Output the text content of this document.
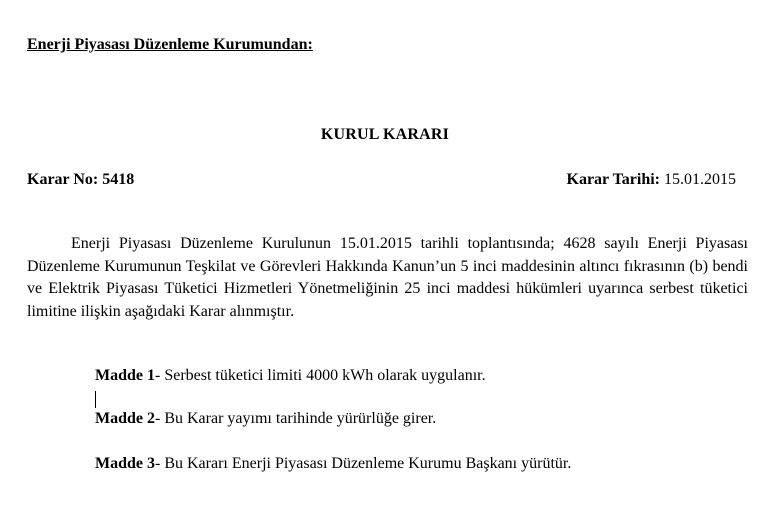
Enerji Piyasası Düzenleme Kurumundan:
KURUL KARARI
Karar No: 5418	Karar Tarihi: 15.01.2015
Enerji Piyasası Düzenleme Kurulunun 15.01.2015 tarihli toplantısında; 4628 sayılı Enerji Piyasası Düzenleme Kurumunun Teşkilat ve Görevleri Hakkında Kanun’un 5 inci maddesinin altıncı fıkrasının (b) bendi ve Elektrik Piyasası Tüketici Hizmetleri Yönetmeliğinin 25 inci maddesi hükümleri uyarınca serbest tüketici limitine ilişkin aşağıdaki Karar alınmıştır.
Madde 1- Serbest tüketici limiti 4000 kWh olarak uygulanır.
Madde 2- Bu Karar yayımı tarihinde yürürlüğe girer.
Madde 3- Bu Kararı Enerji Piyasası Düzenleme Kurumu Başkanı yürütür.
